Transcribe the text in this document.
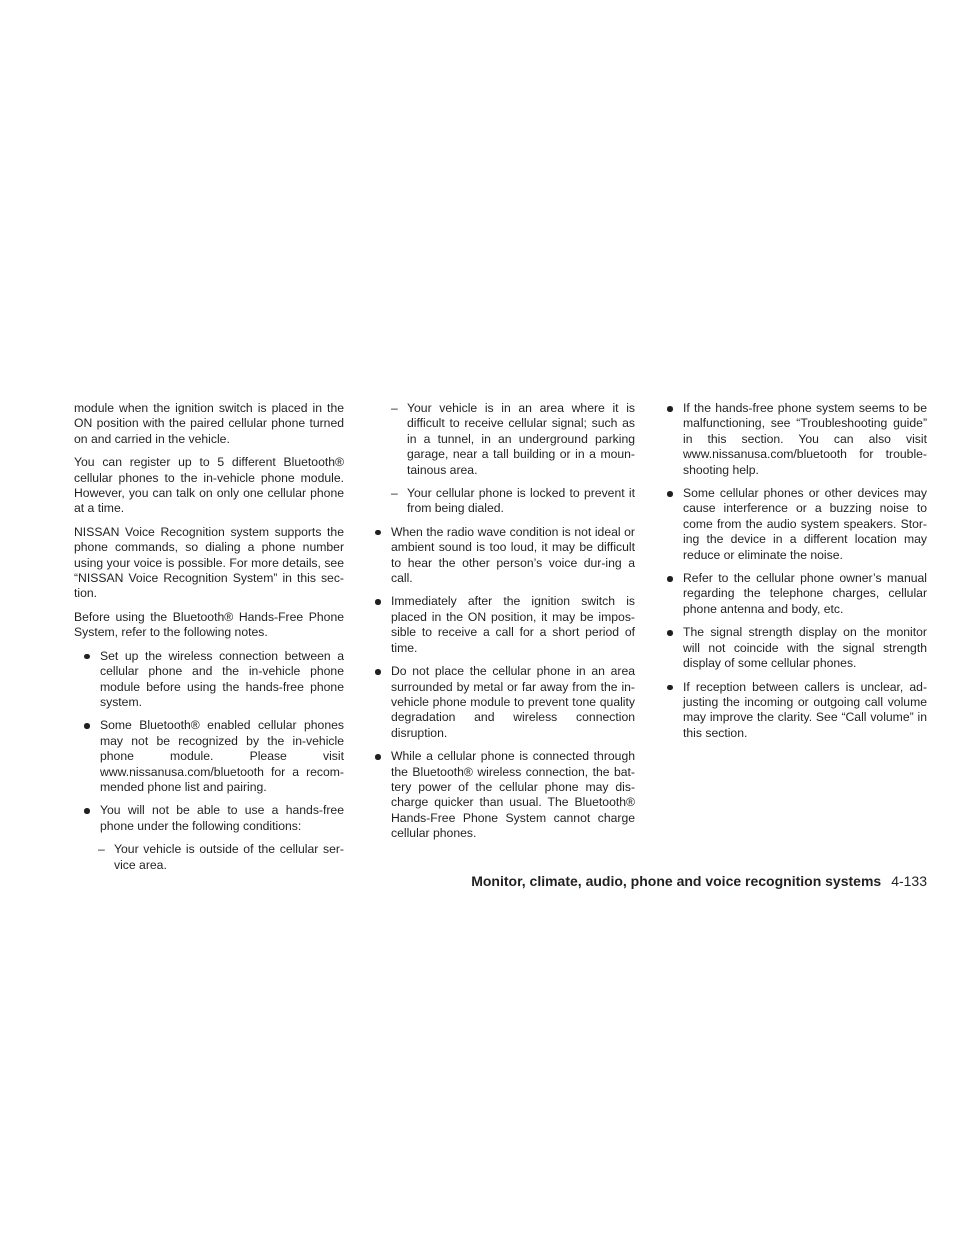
module when the ignition switch is placed in the ON position with the paired cellular phone turned on and carried in the vehicle.

You can register up to 5 different Bluetooth® cellular phones to the in-vehicle phone module. However, you can talk on only one cellular phone at a time.

NISSAN Voice Recognition system supports the phone commands, so dialing a phone number using your voice is possible. For more details, see “NISSAN Voice Recognition System” in this sec-tion.

Before using the Bluetooth® Hands-Free Phone System, refer to the following notes.

Set up the wireless connection between a cellular phone and the in-vehicle phone module before using the hands-free phone system.
Some Bluetooth® enabled cellular phones may not be recognized by the in-vehicle phone module. Please visit www.nissanusa.com/bluetooth for a recom-mended phone list and pairing.
You will not be able to use a hands-free phone under the following conditions:
– Your vehicle is outside of the cellular ser-vice area.
– Your vehicle is in an area where it is difficult to receive cellular signal; such as in a tunnel, in an underground parking garage, near a tall building or in a moun-tainous area.
– Your cellular phone is locked to prevent it from being dialed.
When the radio wave condition is not ideal or ambient sound is too loud, it may be difficult to hear the other person’s voice dur-ing a call.
Immediately after the ignition switch is placed in the ON position, it may be impos-sible to receive a call for a short period of time.
Do not place the cellular phone in an area surrounded by metal or far away from the in-vehicle phone module to prevent tone quality degradation and wireless connection disruption.
While a cellular phone is connected through the Bluetooth® wireless connection, the bat-tery power of the cellular phone may dis-charge quicker than usual. The Bluetooth® Hands-Free Phone System cannot charge cellular phones.
If the hands-free phone system seems to be malfunctioning, see “Troubleshooting guide” in this section. You can also visit www.nissanusa.com/bluetooth for trouble-shooting help.
Some cellular phones or other devices may cause interference or a buzzing noise to come from the audio system speakers. Stor-ing the device in a different location may reduce or eliminate the noise.
Refer to the cellular phone owner’s manual regarding the telephone charges, cellular phone antenna and body, etc.
The signal strength display on the monitor will not coincide with the signal strength display of some cellular phones.
If reception between callers is unclear, ad-justing the incoming or outgoing call volume may improve the clarity. See “Call volume” in this section.
Monitor, climate, audio, phone and voice recognition systems 4-133
